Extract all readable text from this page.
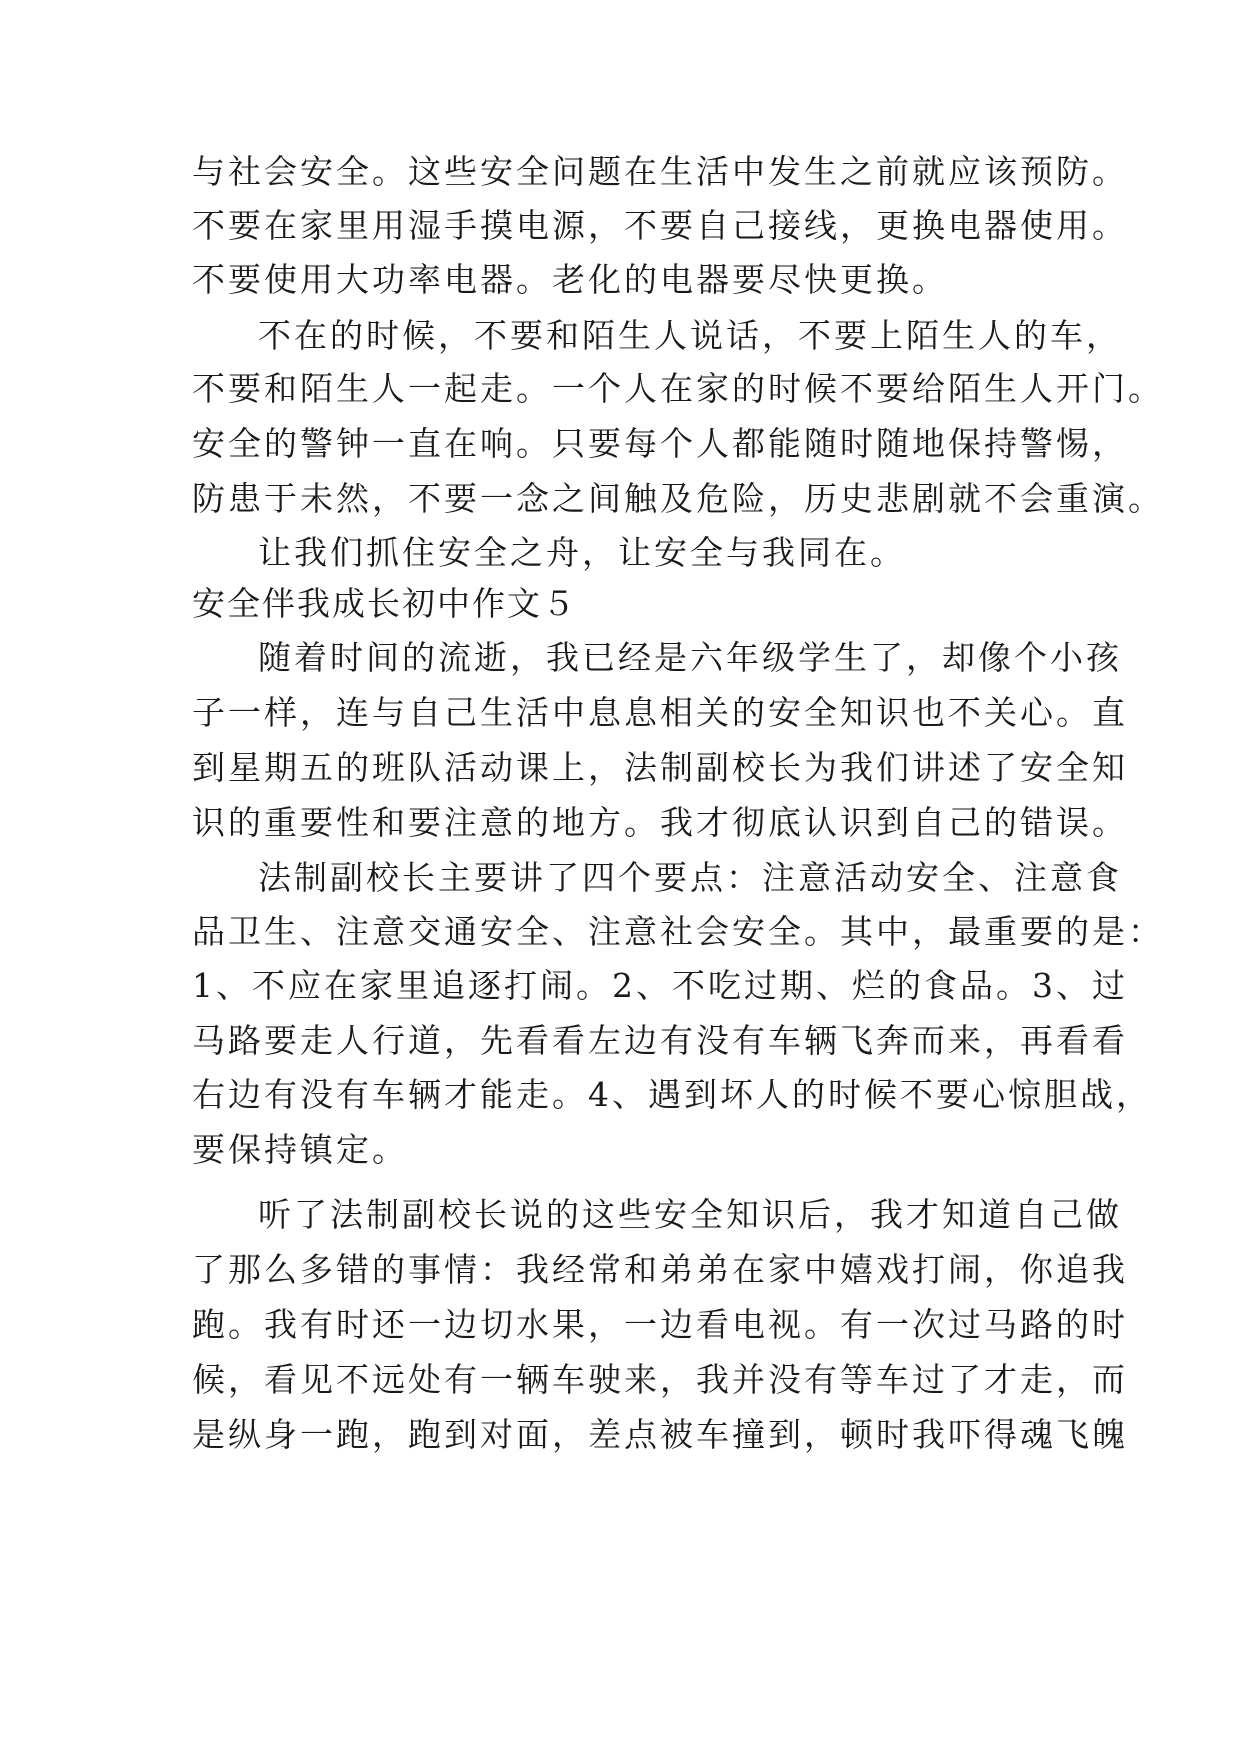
与社会安全。这些安全问题在生活中发生之前就应该预防。
不要在家里用湿手摸电源，不要自己接线，更换电器使用。
不要使用大功率电器。老化的电器要尽快更换。
不在的时候，不要和陌生人说话，不要上陌生人的车，
不要和陌生人一起走。一个人在家的时候不要给陌生人开门。
安全的警钟一直在响。只要每个人都能随时随地保持警惕，
防患于未然，不要一念之间触及危险，历史悲剧就不会重演。
让我们抓住安全之舟，让安全与我同在。
安全伴我成长初中作文５
随着时间的流逝，我已经是六年级学生了，却像个小孩
子一样，连与自己生活中息息相关的安全知识也不关心。直
到星期五的班队活动课上，法制副校长为我们讲述了安全知
识的重要性和要注意的地方。我才彻底认识到自己的错误。
法制副校长主要讲了四个要点：注意活动安全、注意食
品卫生、注意交通安全、注意社会安全。其中，最重要的是：
1、不应在家里追逐打闹。2、不吃过期、烂的食品。3、过
马路要走人行道，先看看左边有没有车辆飞奔而来，再看看
右边有没有车辆才能走。4、遇到坏人的时候不要心惊胆战，
要保持镇定。
听了法制副校长说的这些安全知识后，我才知道自己做
了那么多错的事情：我经常和弟弟在家中嬉戏打闹，你追我
跑。我有时还一边切水果，一边看电视。有一次过马路的时
候，看见不远处有一辆车驶来，我并没有等车过了才走，而
是纵身一跑，跑到对面，差点被车撞到，顿时我吓得魂飞魄
